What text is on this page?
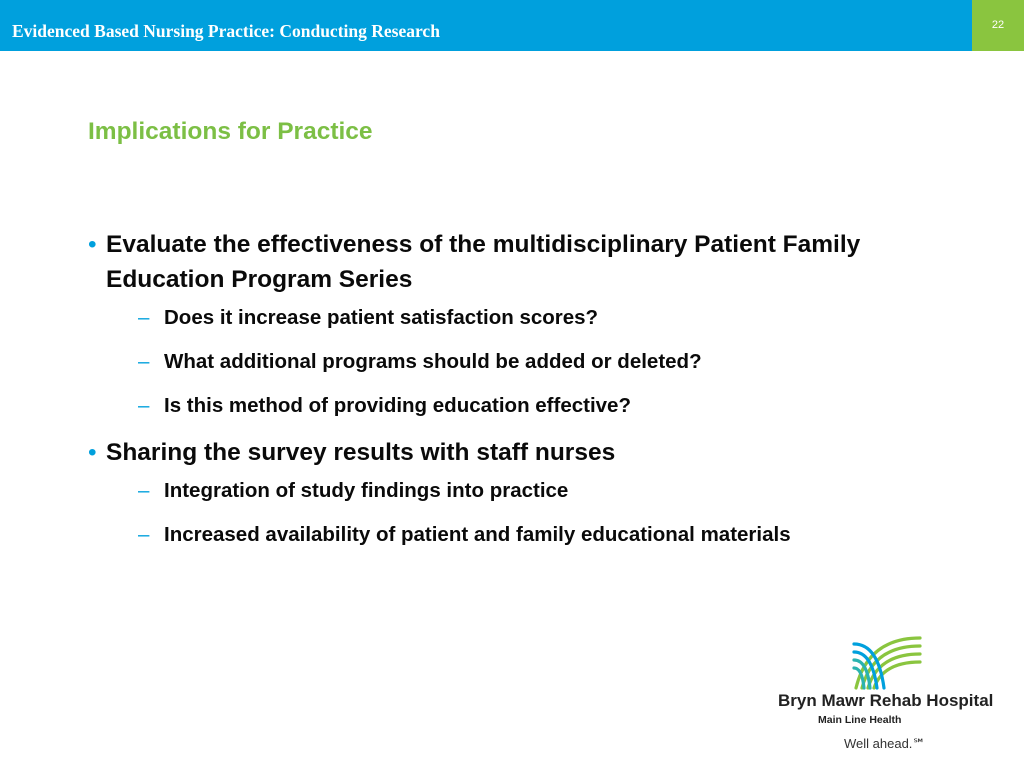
Evidenced Based Nursing Practice: Conducting Research	22
Implications for Practice
• Evaluate the effectiveness of the multidisciplinary Patient Family Education Program Series
– Does it increase patient satisfaction scores?
– What additional programs should be added or deleted?
– Is this method of providing education effective?
• Sharing the survey results with staff nurses
– Integration of study findings into practice
– Increased availability of patient and family educational materials
Bryn Mawr Rehab Hospital
Main Line Health
Well ahead.℠
